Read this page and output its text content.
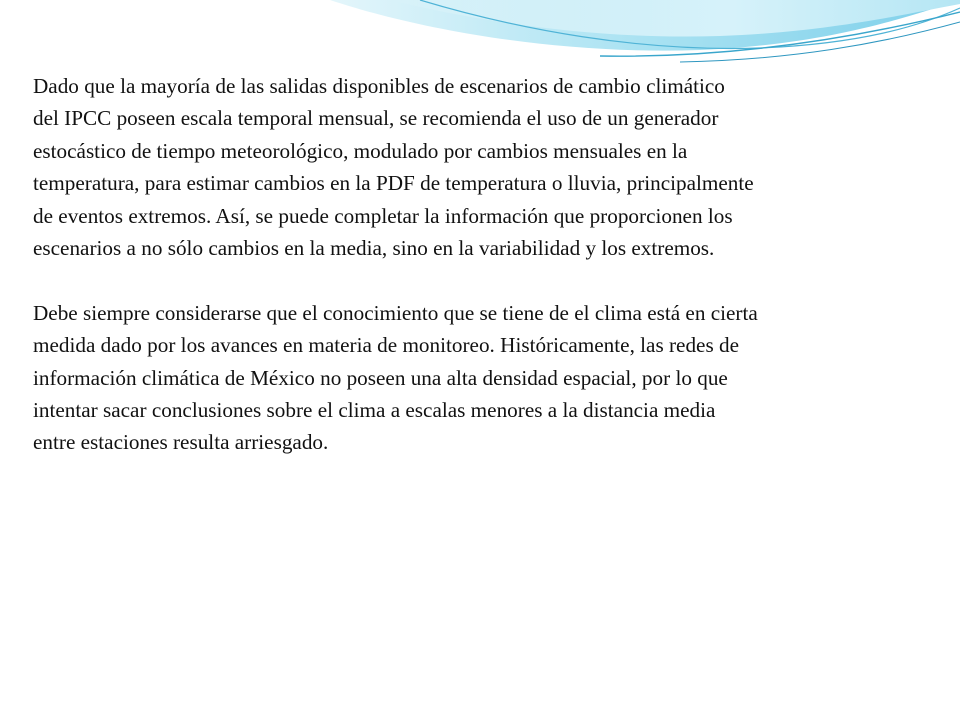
Dado que la mayoría de las salidas disponibles de escenarios de cambio climático
del IPCC poseen escala temporal mensual, se recomienda el uso de un generador
estocástico de tiempo meteorológico, modulado por cambios mensuales en la
temperatura, para estimar cambios en la PDF de temperatura o lluvia, principalmente
de eventos extremos. Así, se puede completar la información que proporcionen los
escenarios a no sólo cambios en la media, sino en la variabilidad y los extremos.

Debe siempre considerarse que el conocimiento que se tiene de el clima está en cierta
medida dado por los avances en materia de monitoreo. Históricamente, las redes de
información climática de México no poseen una alta densidad espacial, por lo que
intentar sacar conclusiones sobre el clima a escalas menores a la distancia media
entre estaciones resulta arriesgado.
